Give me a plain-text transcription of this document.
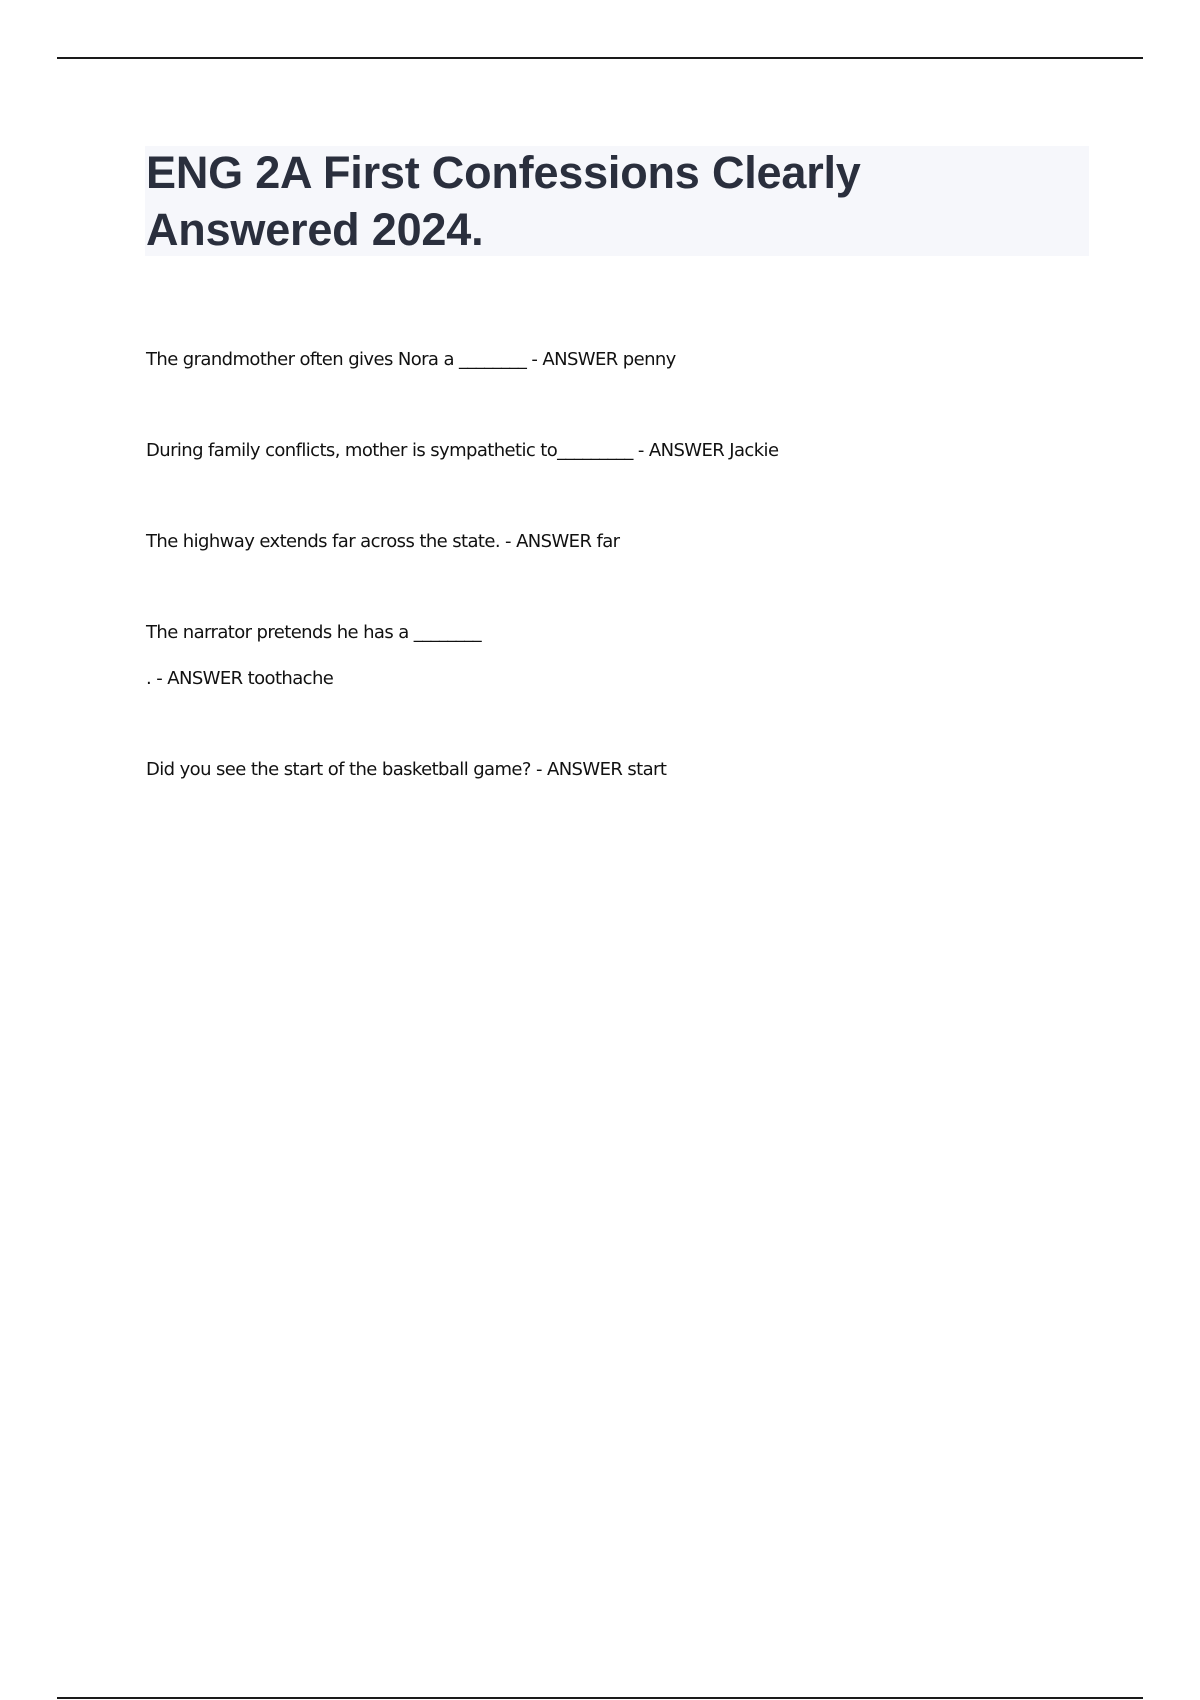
ENG 2A First Confessions Clearly Answered 2024.

The grandmother often gives Nora a ________ - ANSWER penny

During family conflicts, mother is sympathetic to_________ - ANSWER Jackie

The highway extends far across the state. - ANSWER far

The narrator pretends he has a ________

. - ANSWER toothache

Did you see the start of the basketball game? - ANSWER start
